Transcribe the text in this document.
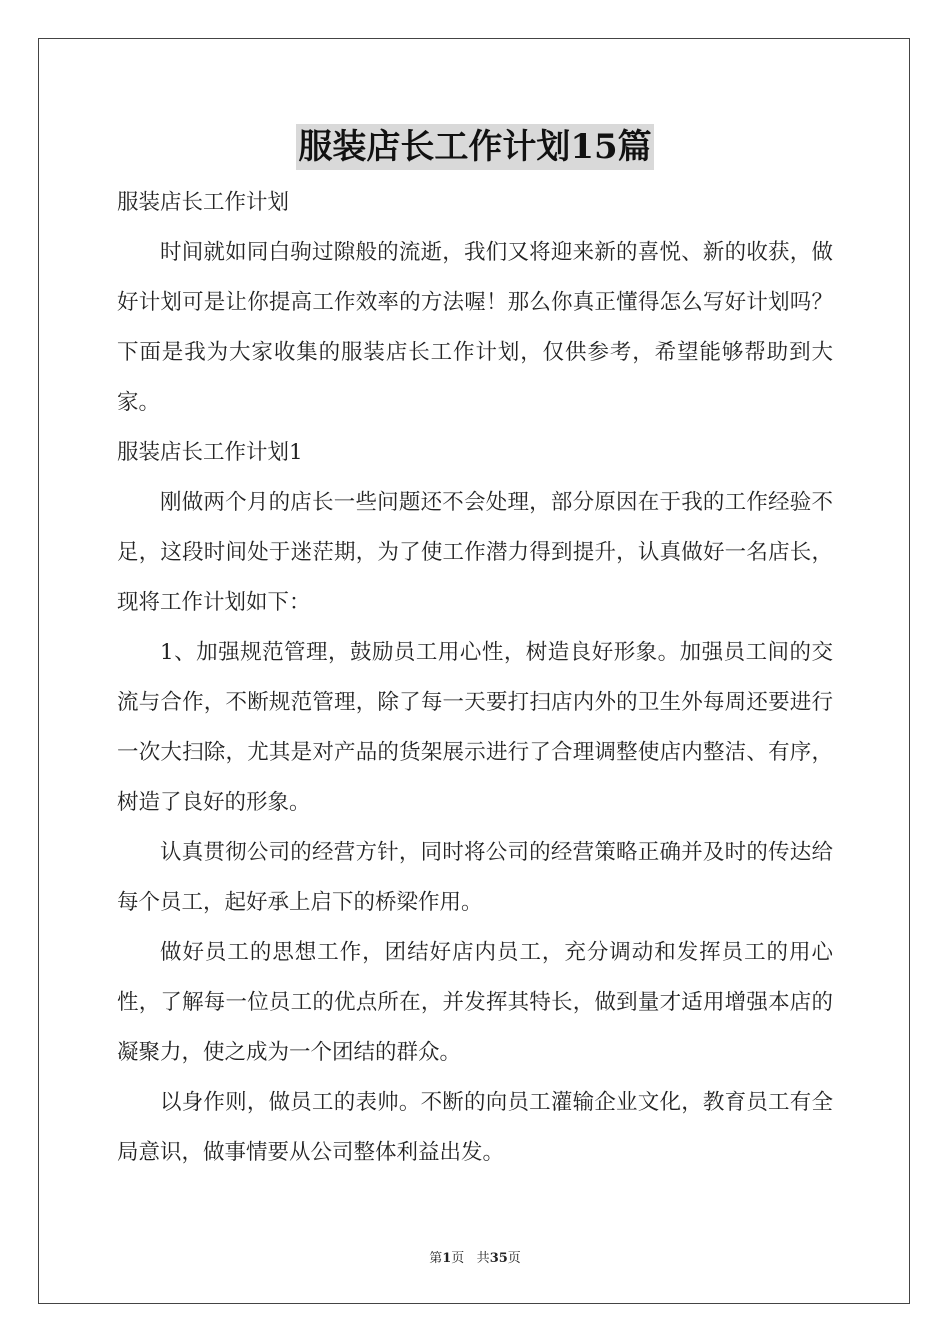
服装店长工作计划15篇

服装店长工作计划

时间就如同白驹过隙般的流逝，我们又将迎来新的喜悦、新的收获，做好计划可是让你提高工作效率的方法喔！那么你真正懂得怎么写好计划吗？下面是我为大家收集的服装店长工作计划，仅供参考，希望能够帮助到大家。

服装店长工作计划1

刚做两个月的店长一些问题还不会处理，部分原因在于我的工作经验不足，这段时间处于迷茫期，为了使工作潜力得到提升，认真做好一名店长，现将工作计划如下：

1、加强规范管理，鼓励员工用心性，树造良好形象。加强员工间的交流与合作，不断规范管理，除了每一天要打扫店内外的卫生外每周还要进行一次大扫除，尤其是对产品的货架展示进行了合理调整使店内整洁、有序，树造了良好的形象。

认真贯彻公司的经营方针，同时将公司的经营策略正确并及时的传达给每个员工，起好承上启下的桥梁作用。

做好员工的思想工作，团结好店内员工，充分调动和发挥员工的用心性，了解每一位员工的优点所在，并发挥其特长，做到量才适用增强本店的凝聚力，使之成为一个团结的群众。

以身作则，做员工的表帅。不断的向员工灌输企业文化，教育员工有全局意识，做事情要从公司整体利益出发。

第1页 共35页
